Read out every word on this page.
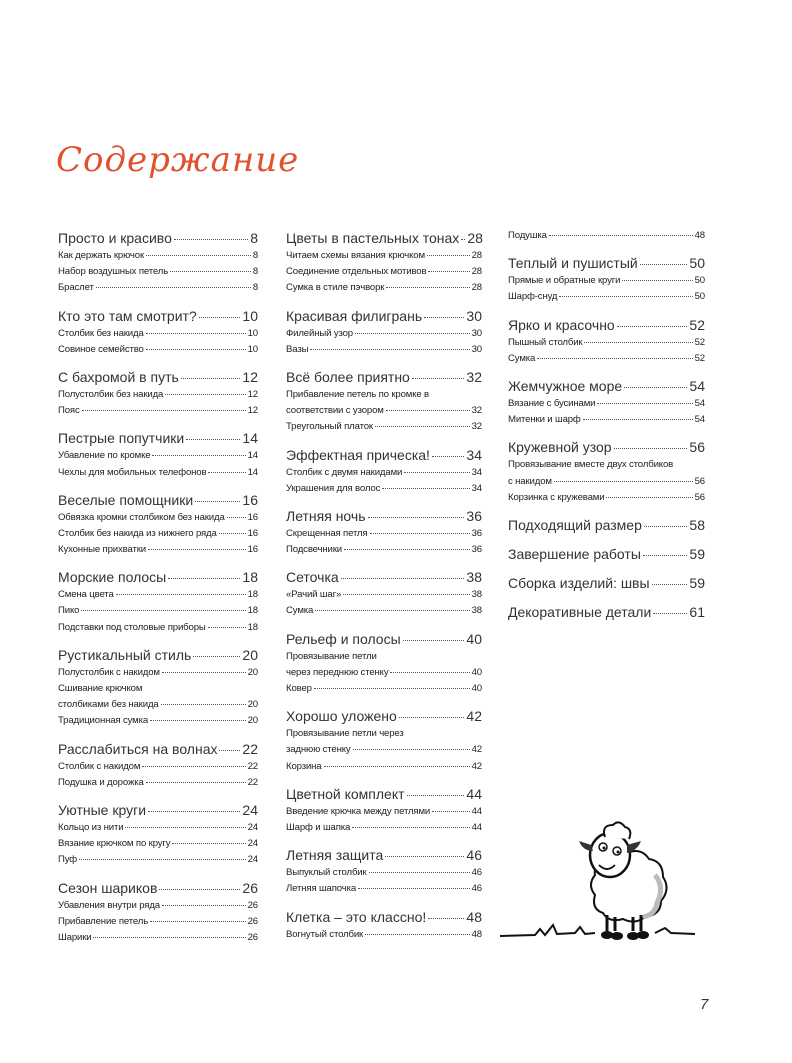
Содержание
Просто и красиво	8
Как держать крючок	8
Набор воздушных петель	8
Браслет	8
Кто это там смотрит?	10
Столбик без накида	10
Совиное семейство	10
С бахромой в путь	12
Полустолбик без накида	12
Пояс	12
Пестрые попутчики	14
Убавление по кромке	14
Чехлы для мобильных телефонов	14
Веселые помощники	16
Обвязка кромки столбиком без накида 16
Столбик без накида из нижнего ряда	16
Кухонные прихватки	16
Морские полосы	18
Смена цвета	18
Пико	18
Подставки под столовые приборы	18
Рустикальный стиль	20
Полустолбик с накидом	20
Сшивание крючком
столбиками без накида	20
Традиционная сумка	20
Расслабиться на волнах 22
Столбик с накидом	22
Подушка и дорожка	22
Уютные круги	24
Кольцо из нити	24
Вязание крючком по кругу	24
Пуф	24
Сезон шариков	26
Убавления внутри ряда	26
Прибавление петель	26
Шарики	26
Цветы в пастельных тонах 28
Читаем схемы вязания крючком	28
Соединение отдельных мотивов	28
Сумка в стиле пэчворк	28
Красивая филигрань	30
Филейный узор	30
Вазы	30
Всё более приятно	32
Прибавление петель по кромке в
соответствии с узором	32
Треугольный платок	32
Эффектная прическа!	34
Столбик с двумя накидами	34
Украшения для волос	34
Летняя ночь	36
Скрещенная петля	36
Подсвечники	36
Сеточка	38
«Рачий шаг»	38
Сумка	38
Рельеф и полосы	40
Провязывание петли
через переднюю стенку	40
Ковер	40
Хорошо уложено	42
Провязывание петли через
заднюю стенку	42
Корзина	42
Цветной комплект	44
Введение крючка между петлями	44
Шарф и шапка	44
Летняя защита	46
Выпуклый столбик	46
Летняя шапочка	46
Клетка – это классно!	48
Вогнутый столбик	48
Подушка	48
Теплый и пушистый	50
Прямые и обратные круги	50
Шарф-снуд	50
Ярко и красочно	52
Пышный столбик	52
Сумка	52
Жемчужное море	54
Вязание с бусинами	54
Митенки и шарф	54
Кружевной узор	56
Провязывание вместе двух столбиков
с накидом	56
Корзинка с кружевами	56
Подходящий размер	58
Завершение работы	59
Сборка изделий: швы	59
Декоративные детали	61
7
